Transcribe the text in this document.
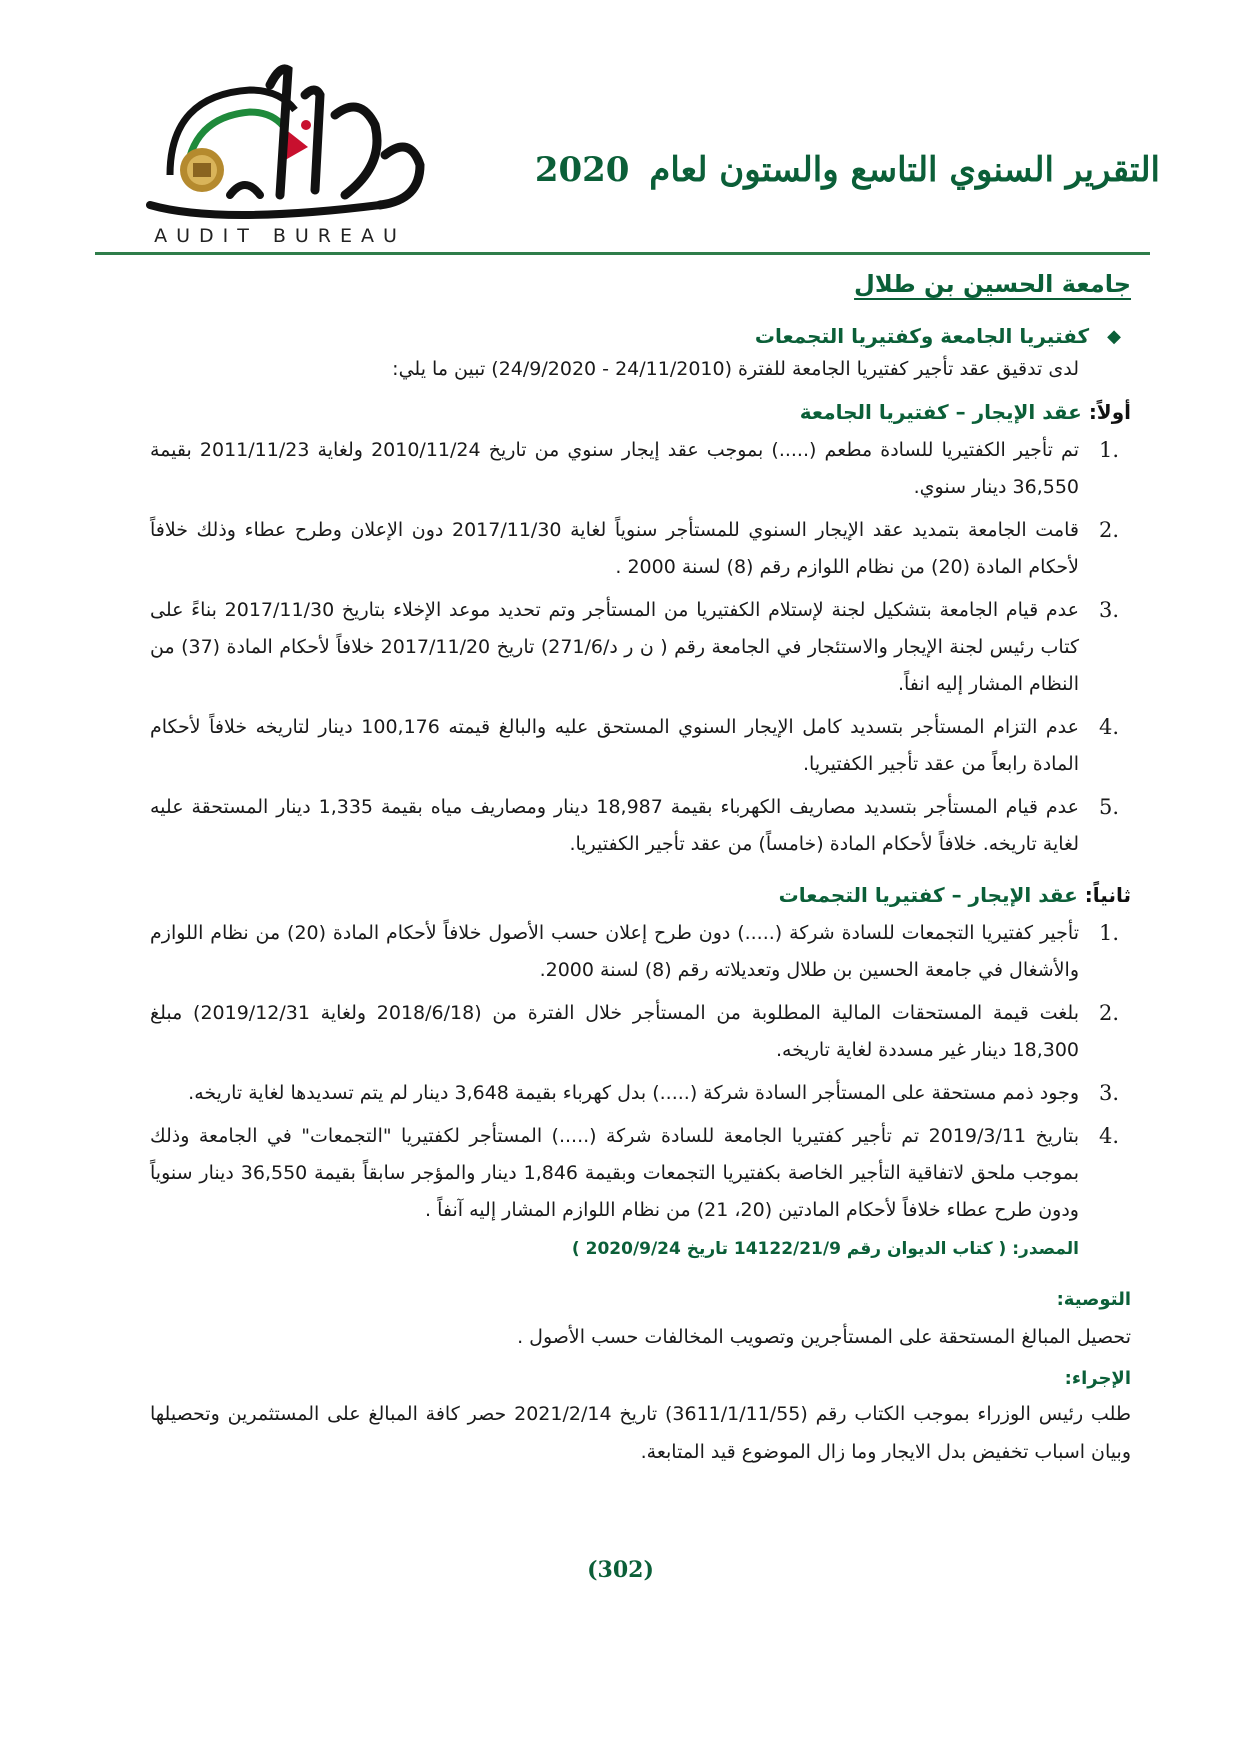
التقرير السنوي التاسع والستون لعام 2020
AUDIT BUREAU
جامعة الحسين بن طلال
◆
كفتيريا الجامعة وكفتيريا التجمعات

لدى تدقيق عقد تأجير كفتيريا الجامعة للفترة (24/11/2010 - 24/9/2020) تبين ما يلي:

أولاً: عقد الإيجار – كفتيريا الجامعة
.1
تم تأجير الكفتيريا للسادة مطعم (.....) بموجب عقد إيجار سنوي من تاريخ 2010/11/24 ولغاية 2011/11/23 بقيمة 36,550 دينار سنوي.
.2
قامت الجامعة بتمديد عقد الإيجار السنوي للمستأجر سنوياً لغاية 2017/11/30 دون الإعلان وطرح عطاء وذلك خلافاً لأحكام المادة (20) من نظام اللوازم رقم (8) لسنة 2000 .
.3
عدم قيام الجامعة بتشكيل لجنة لإستلام الكفتيريا من المستأجر وتم تحديد موعد الإخلاء بتاريخ 2017/11/30 بناءً على كتاب رئيس لجنة الإيجار والاستئجار في الجامعة رقم ( ن ر د/271/6) تاريخ 2017/11/20 خلافاً لأحكام المادة (37) من النظام المشار إليه انفاً.
.4
عدم التزام المستأجر بتسديد كامل الإيجار السنوي المستحق عليه والبالغ قيمته 100,176 دينار لتاريخه خلافاً لأحكام المادة رابعاً من عقد تأجير الكفتيريا.
.5
عدم قيام المستأجر بتسديد مصاريف الكهرباء بقيمة 18,987 دينار ومصاريف مياه بقيمة 1,335 دينار المستحقة عليه لغاية تاريخه. خلافاً لأحكام المادة (خامساً) من عقد تأجير الكفتيريا.
ثانياً: عقد الإيجار – كفتيريا التجمعات
.1
تأجير كفتيريا التجمعات للسادة شركة (.....) دون طرح إعلان حسب الأصول خلافاً لأحكام المادة (20) من نظام اللوازم والأشغال في جامعة الحسين بن طلال وتعديلاته رقم (8) لسنة 2000.
.2
بلغت قيمة المستحقات المالية المطلوبة من المستأجر خلال الفترة من (2018/6/18 ولغاية 2019/12/31) مبلغ 18,300 دينار غير مسددة لغاية تاريخه.
.3
وجود ذمم مستحقة على المستأجر السادة شركة (.....) بدل كهرباء بقيمة 3,648 دينار لم يتم تسديدها لغاية تاريخه.
.4
بتاريخ 2019/3/11 تم تأجير كفتيريا الجامعة للسادة شركة (.....) المستأجر لكفتيريا "التجمعات" في الجامعة وذلك بموجب ملحق لاتفاقية التأجير الخاصة بكفتيريا التجمعات وبقيمة 1,846 دينار والمؤجر سابقاً بقيمة 36,550 دينار سنوياً ودون طرح عطاء خلافاً لأحكام المادتين (20، 21) من نظام اللوازم المشار إليه آنفاً .
المصدر: ( كتاب الديوان رقم 14122/21/9 تاريخ 2020/9/24 )
التوصية:

تحصيل المبالغ المستحقة على المستأجرين وتصويب المخالفات حسب الأصول .

الإجراء:

طلب رئيس الوزراء بموجب الكتاب رقم (3611/1/11/55) تاريخ 2021/2/14 حصر كافة المبالغ على المستثمرين وتحصيلها وبيان اسباب تخفيض بدل الايجار وما زال الموضوع قيد المتابعة.

(302)
